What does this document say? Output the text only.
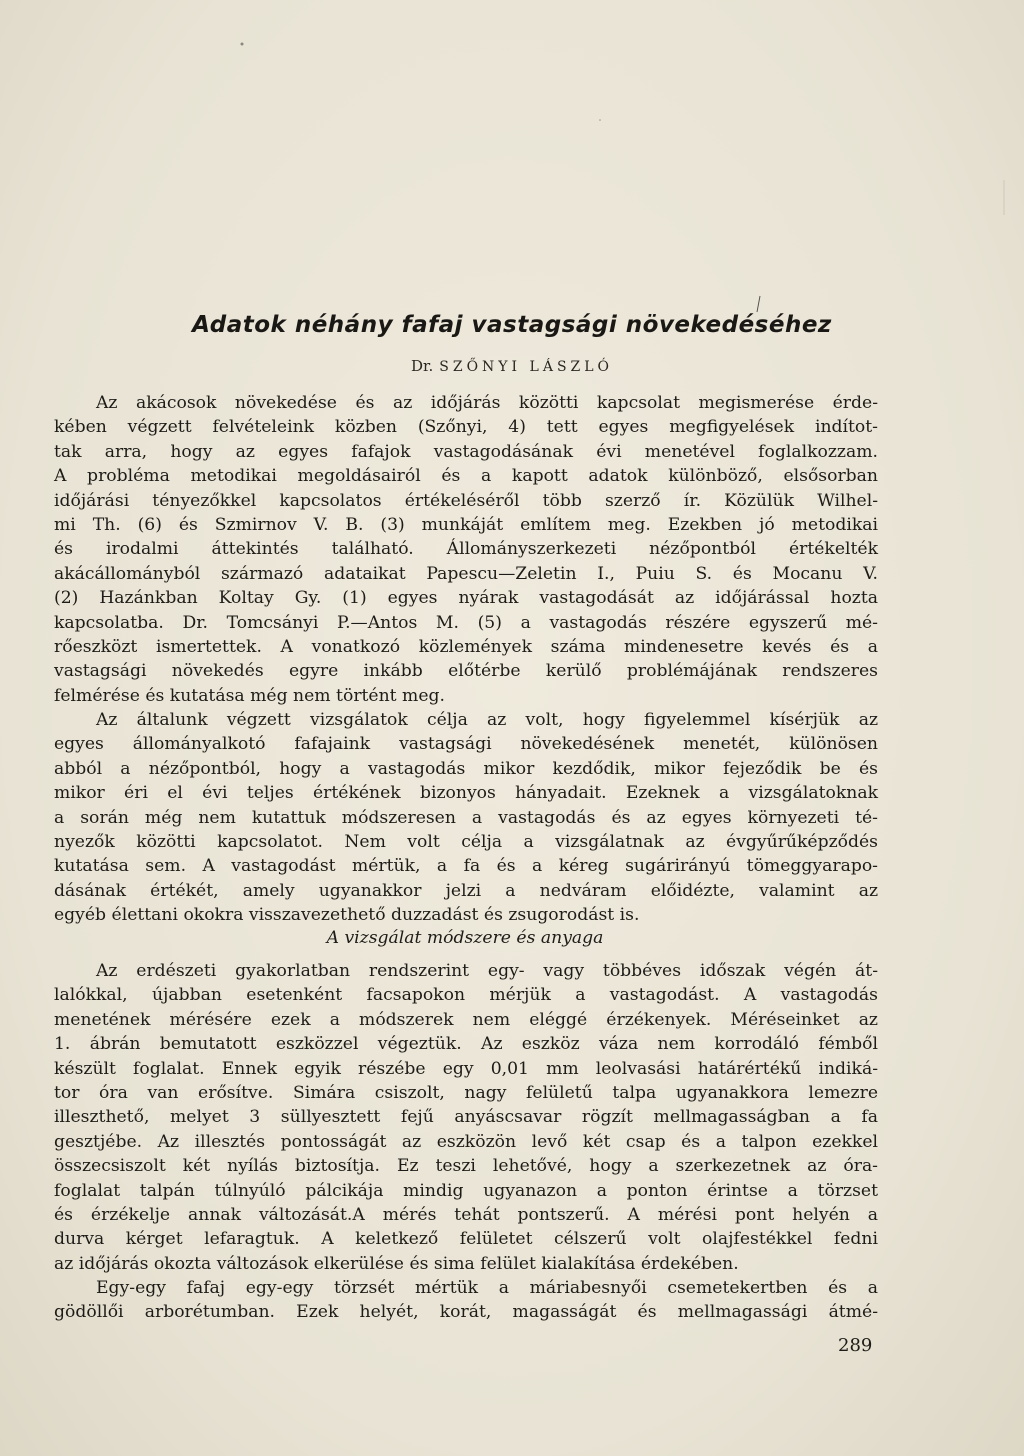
Adatok néhány fafaj vastagsági növekedéséhez
Dr. SZŐNYI LÁSZLÓ
Az akácosok növekedése és az időjárás közötti kapcsolat megismerése érde-
kében végzett felvételeink közben (Szőnyi, 4) tett egyes megfigyelések indítot-
tak arra, hogy az egyes fafajok vastagodásának évi menetével foglalkozzam.
A probléma metodikai megoldásairól és a kapott adatok különböző, elsősorban
időjárási tényezőkkel kapcsolatos értékeléséről több szerző ír. Közülük Wilhel-
mi Th. (6) és Szmirnov V. B. (3) munkáját említem meg. Ezekben jó metodikai
és irodalmi áttekintés található. Állományszerkezeti nézőpontból értékelték
akácállományból származó adataikat Papescu—Zeletin I., Puiu S. és Mocanu V.
(2) Hazánkban Koltay Gy. (1) egyes nyárak vastagodását az időjárással hozta
kapcsolatba. Dr. Tomcsányi P.—Antos M. (5) a vastagodás részére egyszerű mé-
rőeszközt ismertettek. A vonatkozó közlemények száma mindenesetre kevés és a
vastagsági növekedés egyre inkább előtérbe kerülő problémájának rendszeres
felmérése és kutatása még nem történt meg.
Az általunk végzett vizsgálatok célja az volt, hogy figyelemmel kísérjük az
egyes állományalkotó fafajaink vastagsági növekedésének menetét, különösen
abból a nézőpontból, hogy a vastagodás mikor kezdődik, mikor fejeződik be és
mikor éri el évi teljes értékének bizonyos hányadait. Ezeknek a vizsgálatoknak
a során még nem kutattuk módszeresen a vastagodás és az egyes környezeti té-
nyezők közötti kapcsolatot. Nem volt célja a vizsgálatnak az évgyűrűképződés
kutatása sem. A vastagodást mértük, a fa és a kéreg sugárirányú tömeggyarapo-
dásának értékét, amely ugyanakkor jelzi a nedváram előidézte, valamint az
egyéb élettani okokra visszavezethető duzzadást és zsugorodást is.
A vizsgálat módszere és anyaga
Az erdészeti gyakorlatban rendszerint egy- vagy többéves időszak végén át-
lalókkal, újabban esetenként facsapokon mérjük a vastagodást. A vastagodás
menetének mérésére ezek a módszerek nem eléggé érzékenyek. Méréseinket az
1. ábrán bemutatott eszközzel végeztük. Az eszköz váza nem korrodáló fémből
készült foglalat. Ennek egyik részébe egy 0,01 mm leolvasási határértékű indiká-
tor óra van erősítve. Simára csiszolt, nagy felületű talpa ugyanakkora lemezre
illeszthető, melyet 3 süllyesztett fejű anyáscsavar rögzít mellmagasságban a fa
gesztjébe. Az illesztés pontosságát az eszközön levő két csap és a talpon ezekkel
összecsiszolt két nyílás biztosítja. Ez teszi lehetővé, hogy a szerkezetnek az óra-
foglalat talpán túlnyúló pálcikája mindig ugyanazon a ponton érintse a törzset
és érzékelje annak változását.A mérés tehát pontszerű. A mérési pont helyén a
durva kérget lefaragtuk. A keletkező felületet célszerű volt olajfestékkel fedni
az időjárás okozta változások elkerülése és sima felület kialakítása érdekében.
Egy-egy fafaj egy-egy törzsét mértük a máriabesnyői csemetekertben és a
gödöllői arborétumban. Ezek helyét, korát, magasságát és mellmagassági átmé-
289
